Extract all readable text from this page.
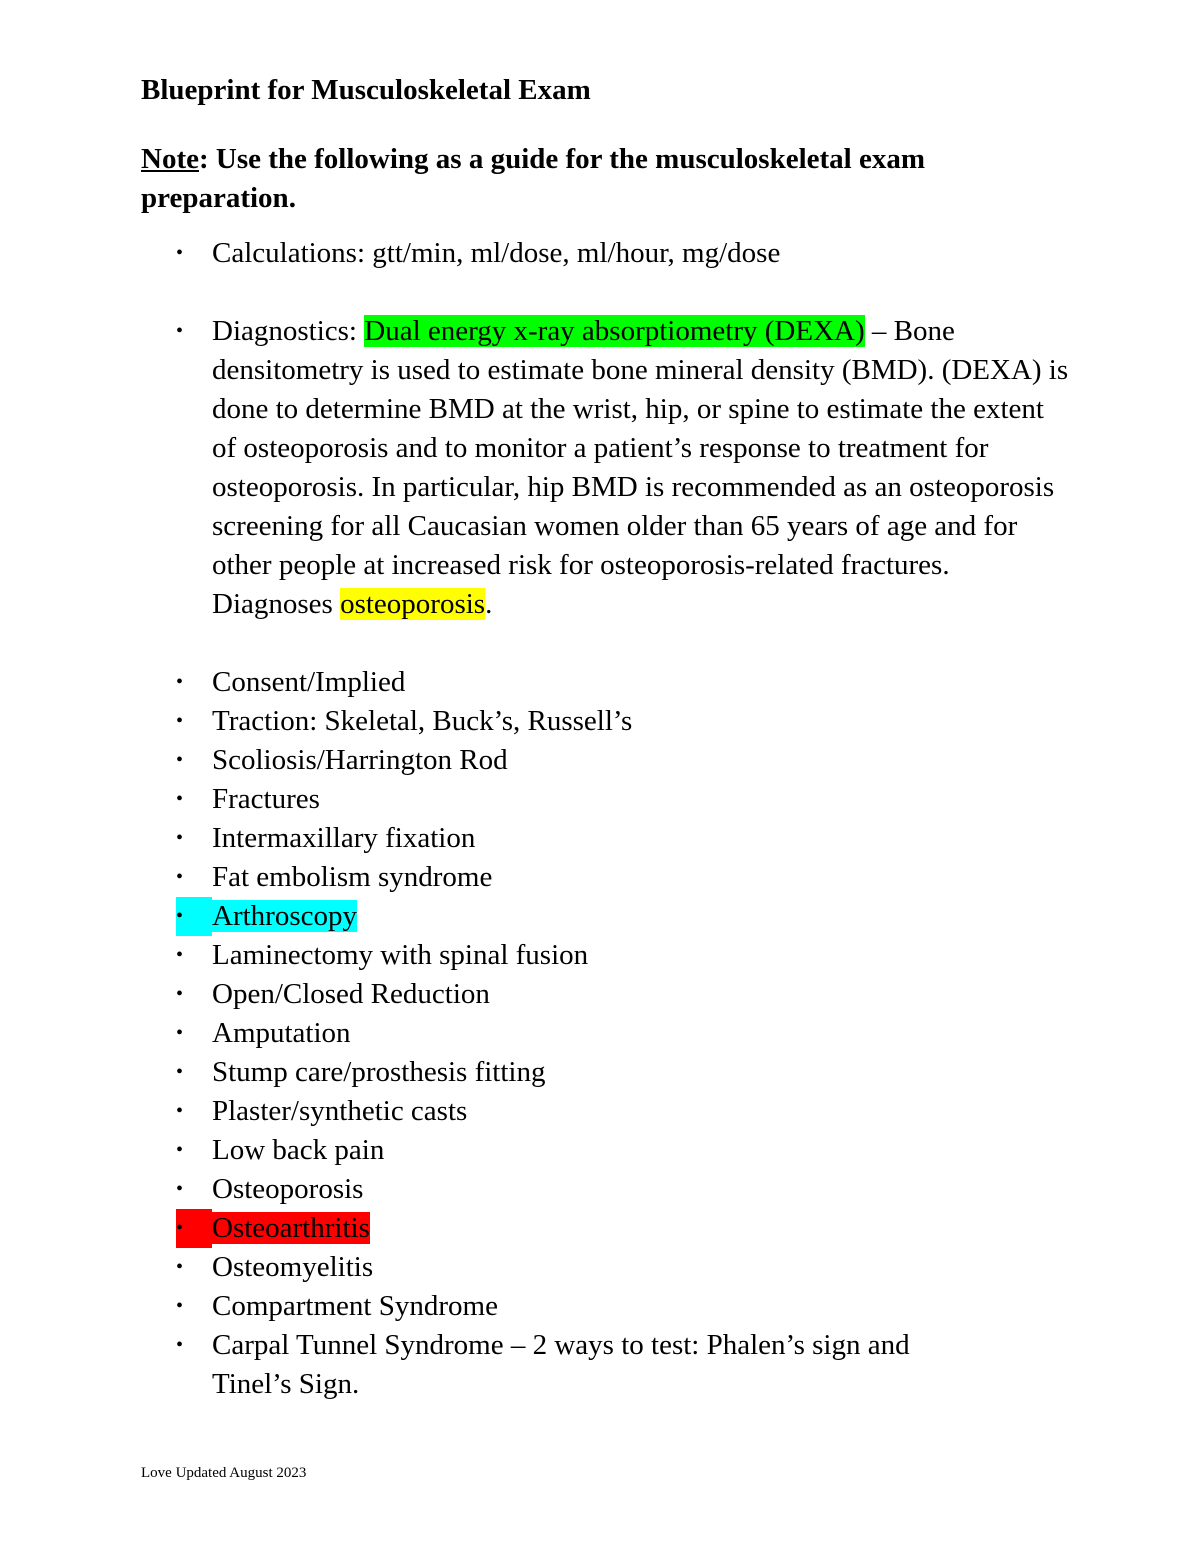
Blueprint for Musculoskeletal Exam

Note: Use the following as a guide for the musculoskeletal exam preparation.

• Calculations: gtt/min, ml/dose, ml/hour, mg/dose
• Diagnostics: Dual energy x-ray absorptiometry (DEXA) – Bone densitometry is used to estimate bone mineral density (BMD). (DEXA) is done to determine BMD at the wrist, hip, or spine to estimate the extent of osteoporosis and to monitor a patient’s response to treatment for osteoporosis. In particular, hip BMD is recommended as an osteoporosis screening for all Caucasian women older than 65 years of age and for other people at increased risk for osteoporosis-related fractures. Diagnoses osteoporosis.
• Consent/Implied
• Traction: Skeletal, Buck’s, Russell’s
• Scoliosis/Harrington Rod
• Fractures
• Intermaxillary fixation
• Fat embolism syndrome
• Arthroscopy
• Laminectomy with spinal fusion
• Open/Closed Reduction
• Amputation
• Stump care/prosthesis fitting
• Plaster/synthetic casts
• Low back pain
• Osteoporosis
• Osteoarthritis
• Osteomyelitis
• Compartment Syndrome
• Carpal Tunnel Syndrome – 2 ways to test: Phalen’s sign and Tinel’s Sign.
Love Updated August 2023
